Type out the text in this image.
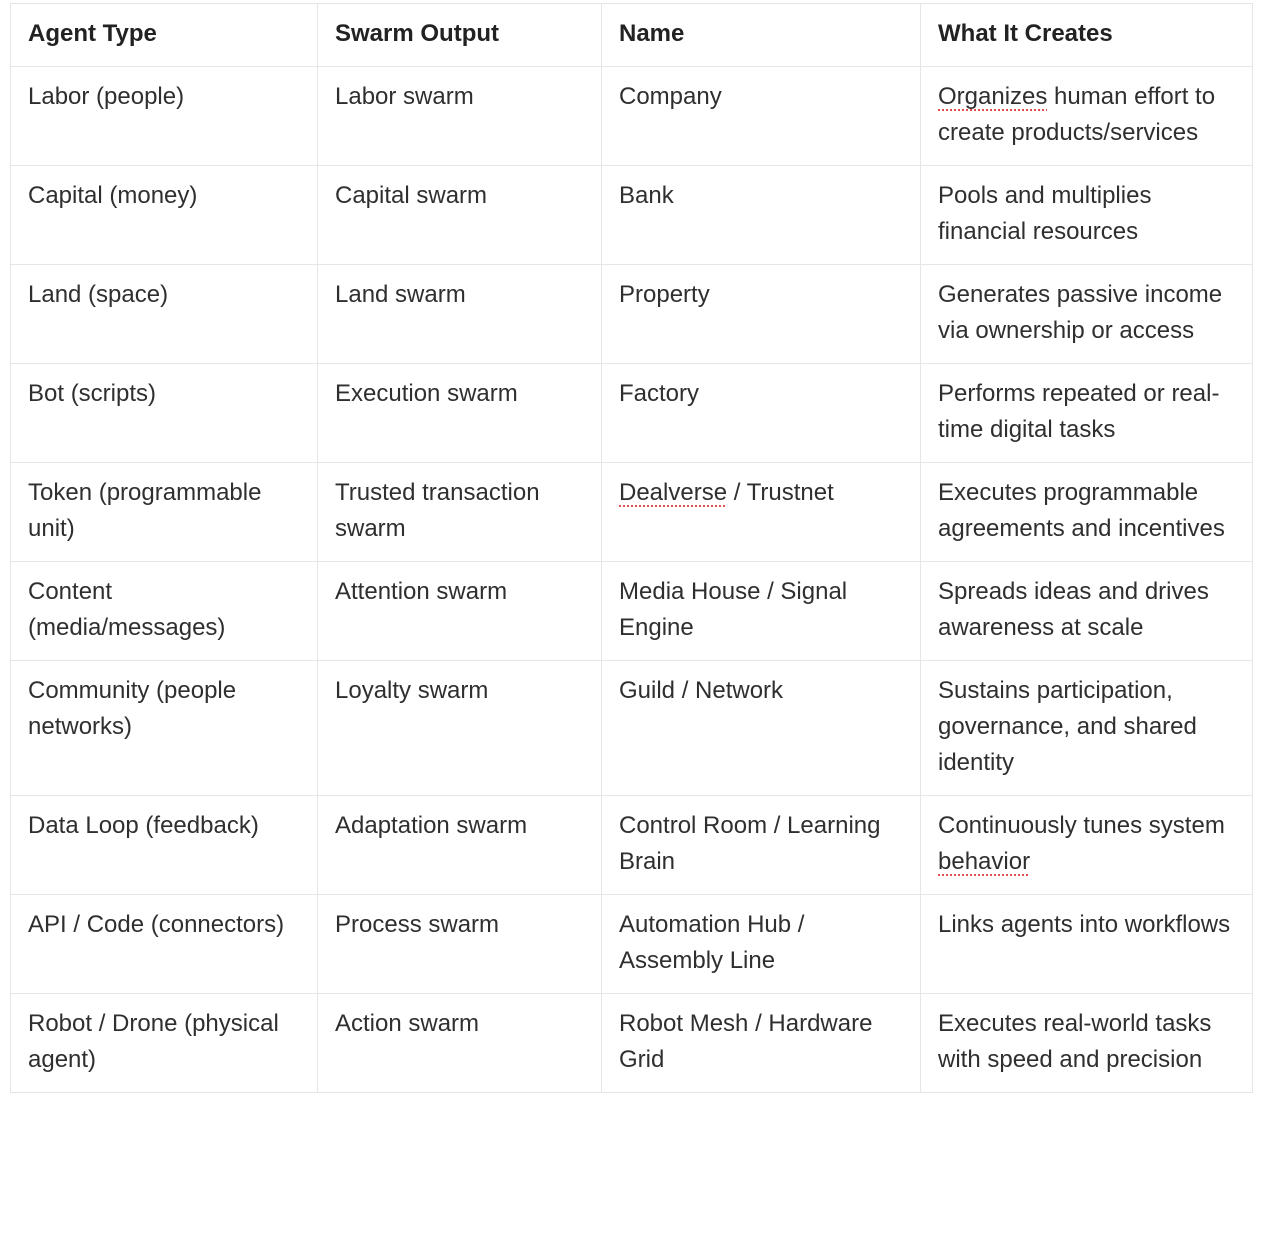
Agent Type	Swarm Output	Name	What It Creates
Labor (people)	Labor swarm	Company	Organizes human effort to create products/services
Capital (money)	Capital swarm	Bank	Pools and multiplies financial resources
Land (space)	Land swarm	Property	Generates passive income via ownership or access
Bot (scripts)	Execution swarm	Factory	Performs repeated or real-time digital tasks
Token (programmable unit)	Trusted transaction swarm	Dealverse / Trustnet	Executes programmable agreements and incentives
Content (media/messages)	Attention swarm	Media House / Signal Engine	Spreads ideas and drives awareness at scale
Community (people networks)	Loyalty swarm	Guild / Network	Sustains participation, governance, and shared identity
Data Loop (feedback)	Adaptation swarm	Control Room / Learning Brain	Continuously tunes system behavior
API / Code (connectors)	Process swarm	Automation Hub / Assembly Line	Links agents into workflows
Robot / Drone (physical agent)	Action swarm	Robot Mesh / Hardware Grid	Executes real-world tasks with speed and precision
